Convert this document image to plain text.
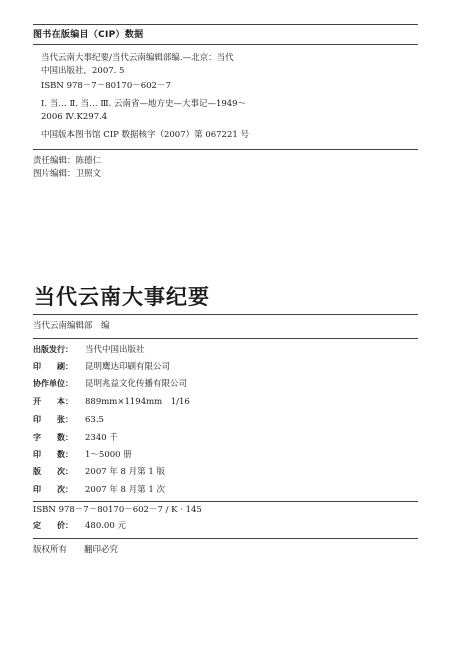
图书在版编目（CIP）数据
当代云南大事纪要/当代云南编辑部编.—北京：当代
中国出版社，2007. 5
ISBN 978－7－80170－602－7
Ⅰ. 当… Ⅱ. 当… Ⅲ. 云南省—地方史—大事记—1949～
2006 Ⅳ.K297.4
中国版本图书馆 CIP 数据核字（2007）第 067221 号
责任编辑：陈德仁
图片编辑：卫照文
当代云南大事纪要
当代云南编辑部　编
出版发行： 当代中国出版社
印　　刷： 昆明鹰达印刷有限公司
协作单位： 昆明兆益文化传播有限公司
开　　本： 889mm×1194mm　1/16
印　　张： 63.5
字　　数： 2340 千
印　　数： 1～5000 册
版　　次： 2007 年 8 月第 1 版
印　　次： 2007 年 8 月第 1 次
ISBN 978－7－80170－602－7 / K · 145
定　　价： 480.00 元
版权所有　　翻印必究
